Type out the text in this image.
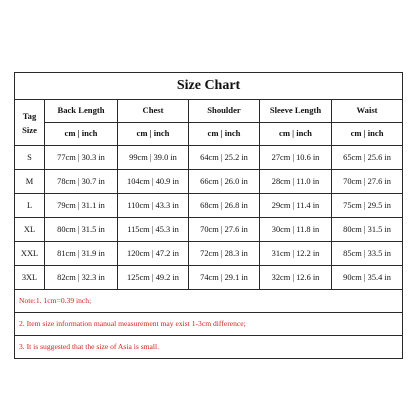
Size Chart					

Tag
Size	Back Length	Chest	Shoulder	Sleeve Length	Waist
	cm | inch	cm | inch	cm | inch	cm | inch	cm | inch
S	77cm | 30.3 in	99cm | 39.0 in	64cm | 25.2 in	27cm | 10.6 in	65cm | 25.6 in
M	78cm | 30.7 in	104cm | 40.9 in	66cm | 26.0 in	28cm | 11.0 in	70cm | 27.6 in
L	79cm | 31.1 in	110cm | 43.3 in	68cm | 26.8 in	29cm | 11.4 in	75cm | 29.5 in
XL	80cm | 31.5 in	115cm | 45.3 in	70cm | 27.6 in	30cm | 11.8 in	80cm | 31.5 in
XXL	81cm | 31.9 in	120cm | 47.2 in	72cm | 28.3 in	31cm | 12.2 in	85cm | 33.5 in
3XL	82cm | 32.3 in	125cm | 49.2 in	74cm | 29.1 in	32cm | 12.6 in	90cm | 35.4 in
Note:1. 1cm=0.39 inch;					
2. Item size information manual measurement may exist 1-3cm difference;					
3. It is suggested that the size of Asia is small.					
